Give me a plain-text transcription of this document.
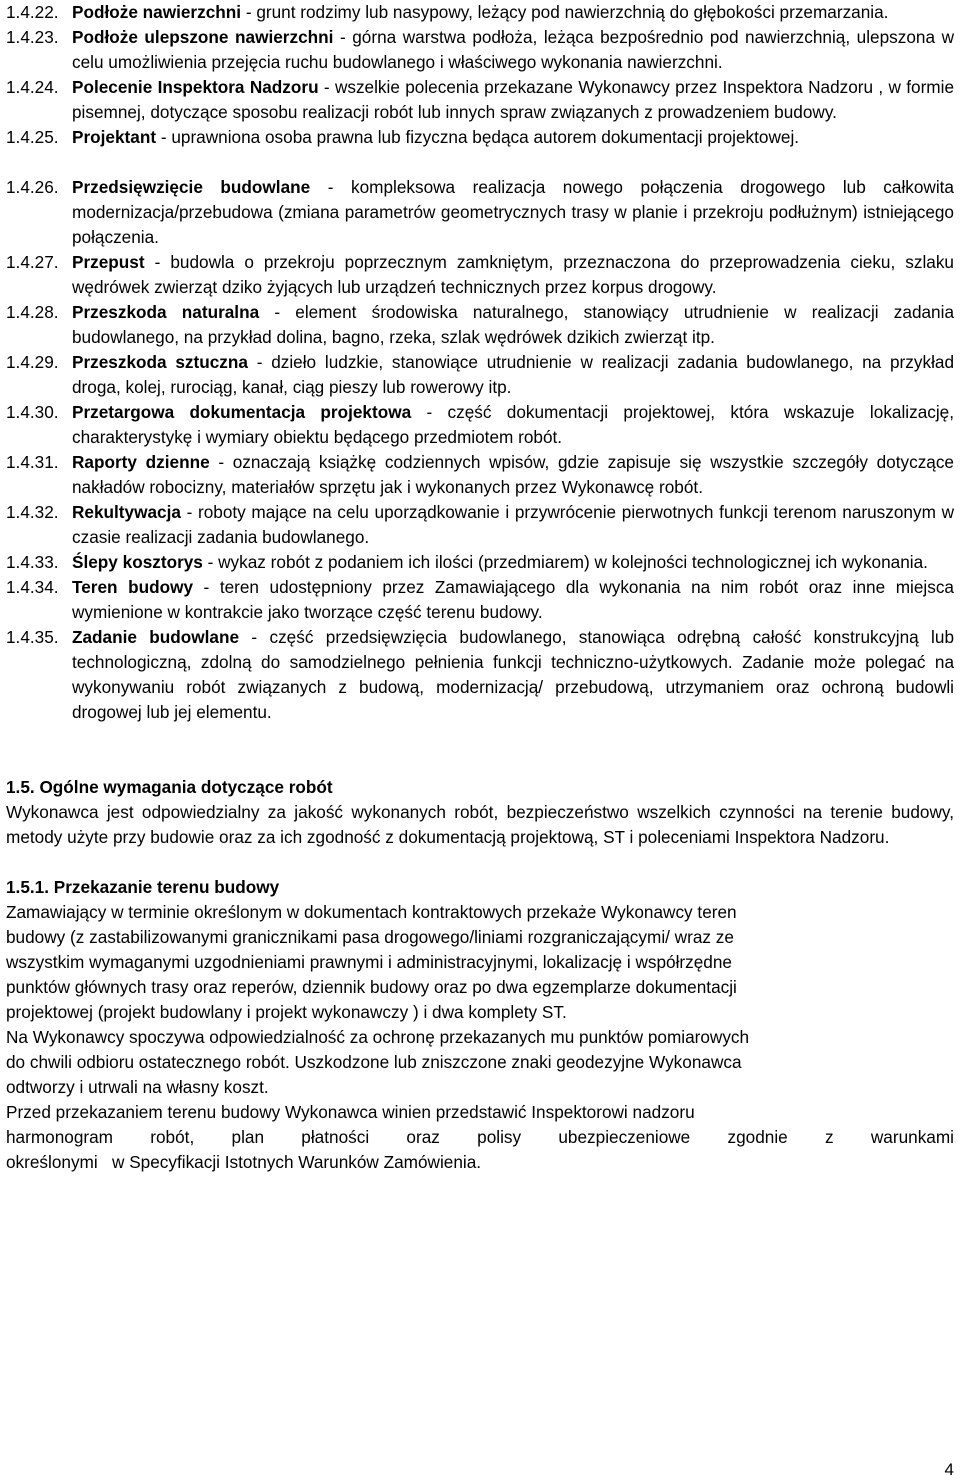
1.4.22. Podłoże nawierzchni - grunt rodzimy lub nasypowy, leżący pod nawierzchnią do głębokości przemarzania.
1.4.23. Podłoże ulepszone nawierzchni - górna warstwa podłoża, leżąca bezpośrednio pod nawierzchnią, ulepszona w celu umożliwienia przejęcia ruchu budowlanego i właściwego wykonania nawierzchni.
1.4.24. Polecenie Inspektora Nadzoru - wszelkie polecenia przekazane Wykonawcy przez Inspektora Nadzoru , w formie pisemnej, dotyczące sposobu realizacji robót lub innych spraw związanych z prowadzeniem budowy.
1.4.25. Projektant - uprawniona osoba prawna lub fizyczna będąca autorem dokumentacji projektowej.
1.4.26. Przedsięwzięcie budowlane - kompleksowa realizacja nowego połączenia drogowego lub całkowita modernizacja/przebudowa (zmiana parametrów geometrycznych trasy w planie i przekroju podłużnym) istniejącego połączenia.
1.4.27. Przepust - budowla o przekroju poprzecznym zamkniętym, przeznaczona do przeprowadzenia cieku, szlaku wędrówek zwierząt dziko żyjących lub urządzeń technicznych przez korpus drogowy.
1.4.28. Przeszkoda naturalna - element środowiska naturalnego, stanowiący utrudnienie w realizacji zadania budowlanego, na przykład dolina, bagno, rzeka, szlak wędrówek dzikich zwierząt itp.
1.4.29. Przeszkoda sztuczna - dzieło ludzkie, stanowiące utrudnienie w realizacji zadania budowlanego, na przykład droga, kolej, rurociąg, kanał, ciąg pieszy lub rowerowy itp.
1.4.30. Przetargowa dokumentacja projektowa - część dokumentacji projektowej, która wskazuje lokalizację, charakterystykę i wymiary obiektu będącego przedmiotem robót.
1.4.31. Raporty dzienne - oznaczają książkę codziennych wpisów, gdzie zapisuje się wszystkie szczegóły dotyczące nakładów robocizny, materiałów sprzętu jak i wykonanych przez Wykonawcę robót.
1.4.32. Rekultywacja - roboty mające na celu uporządkowanie i przywrócenie pierwotnych funkcji terenom naruszonym w czasie realizacji zadania budowlanego.
1.4.33. Ślepy kosztorys - wykaz robót z podaniem ich ilości (przedmiarem) w kolejności technologicznej ich wykonania.
1.4.34. Teren budowy - teren udostępniony przez Zamawiającego dla wykonania na nim robót oraz inne miejsca wymienione w kontrakcie jako tworzące część terenu budowy.
1.4.35. Zadanie budowlane - część przedsięwzięcia budowlanego, stanowiąca odrębną całość konstrukcyjną lub technologiczną, zdolną do samodzielnego pełnienia funkcji techniczno-użytkowych. Zadanie może polegać na wykonywaniu robót związanych z budową, modernizacją/ przebudową, utrzymaniem oraz ochroną budowli drogowej lub jej elementu.
1.5. Ogólne wymagania dotyczące robót
Wykonawca jest odpowiedzialny za jakość wykonanych robót, bezpieczeństwo wszelkich czynności na terenie budowy, metody użyte przy budowie oraz za ich zgodność z dokumentacją projektową, ST i poleceniami Inspektora Nadzoru.
1.5.1. Przekazanie terenu budowy
Zamawiający w terminie określonym w dokumentach kontraktowych przekaże Wykonawcy teren
budowy (z zastabilizowanymi granicznikami pasa drogowego/liniami rozgraniczającymi/ wraz ze
wszystkim wymaganymi uzgodnieniami prawnymi i administracyjnymi, lokalizację i współrzędne
punktów głównych trasy oraz reperów, dziennik budowy oraz po dwa egzemplarze dokumentacji
projektowej (projekt budowlany i projekt wykonawczy ) i dwa komplety ST.
Na Wykonawcy spoczywa odpowiedzialność za ochronę przekazanych mu punktów pomiarowych
do chwili odbioru ostatecznego robót. Uszkodzone lub zniszczone znaki geodezyjne Wykonawca
odtworzy i utrwali na własny koszt.
Przed przekazaniem terenu budowy Wykonawca winien przedstawić Inspektorowi nadzoru
harmonogram robót, plan płatności oraz polisy ubezpieczeniowe zgodnie z warunkami
określonymi   w Specyfikacji Istotnych Warunków Zamówienia.
4
